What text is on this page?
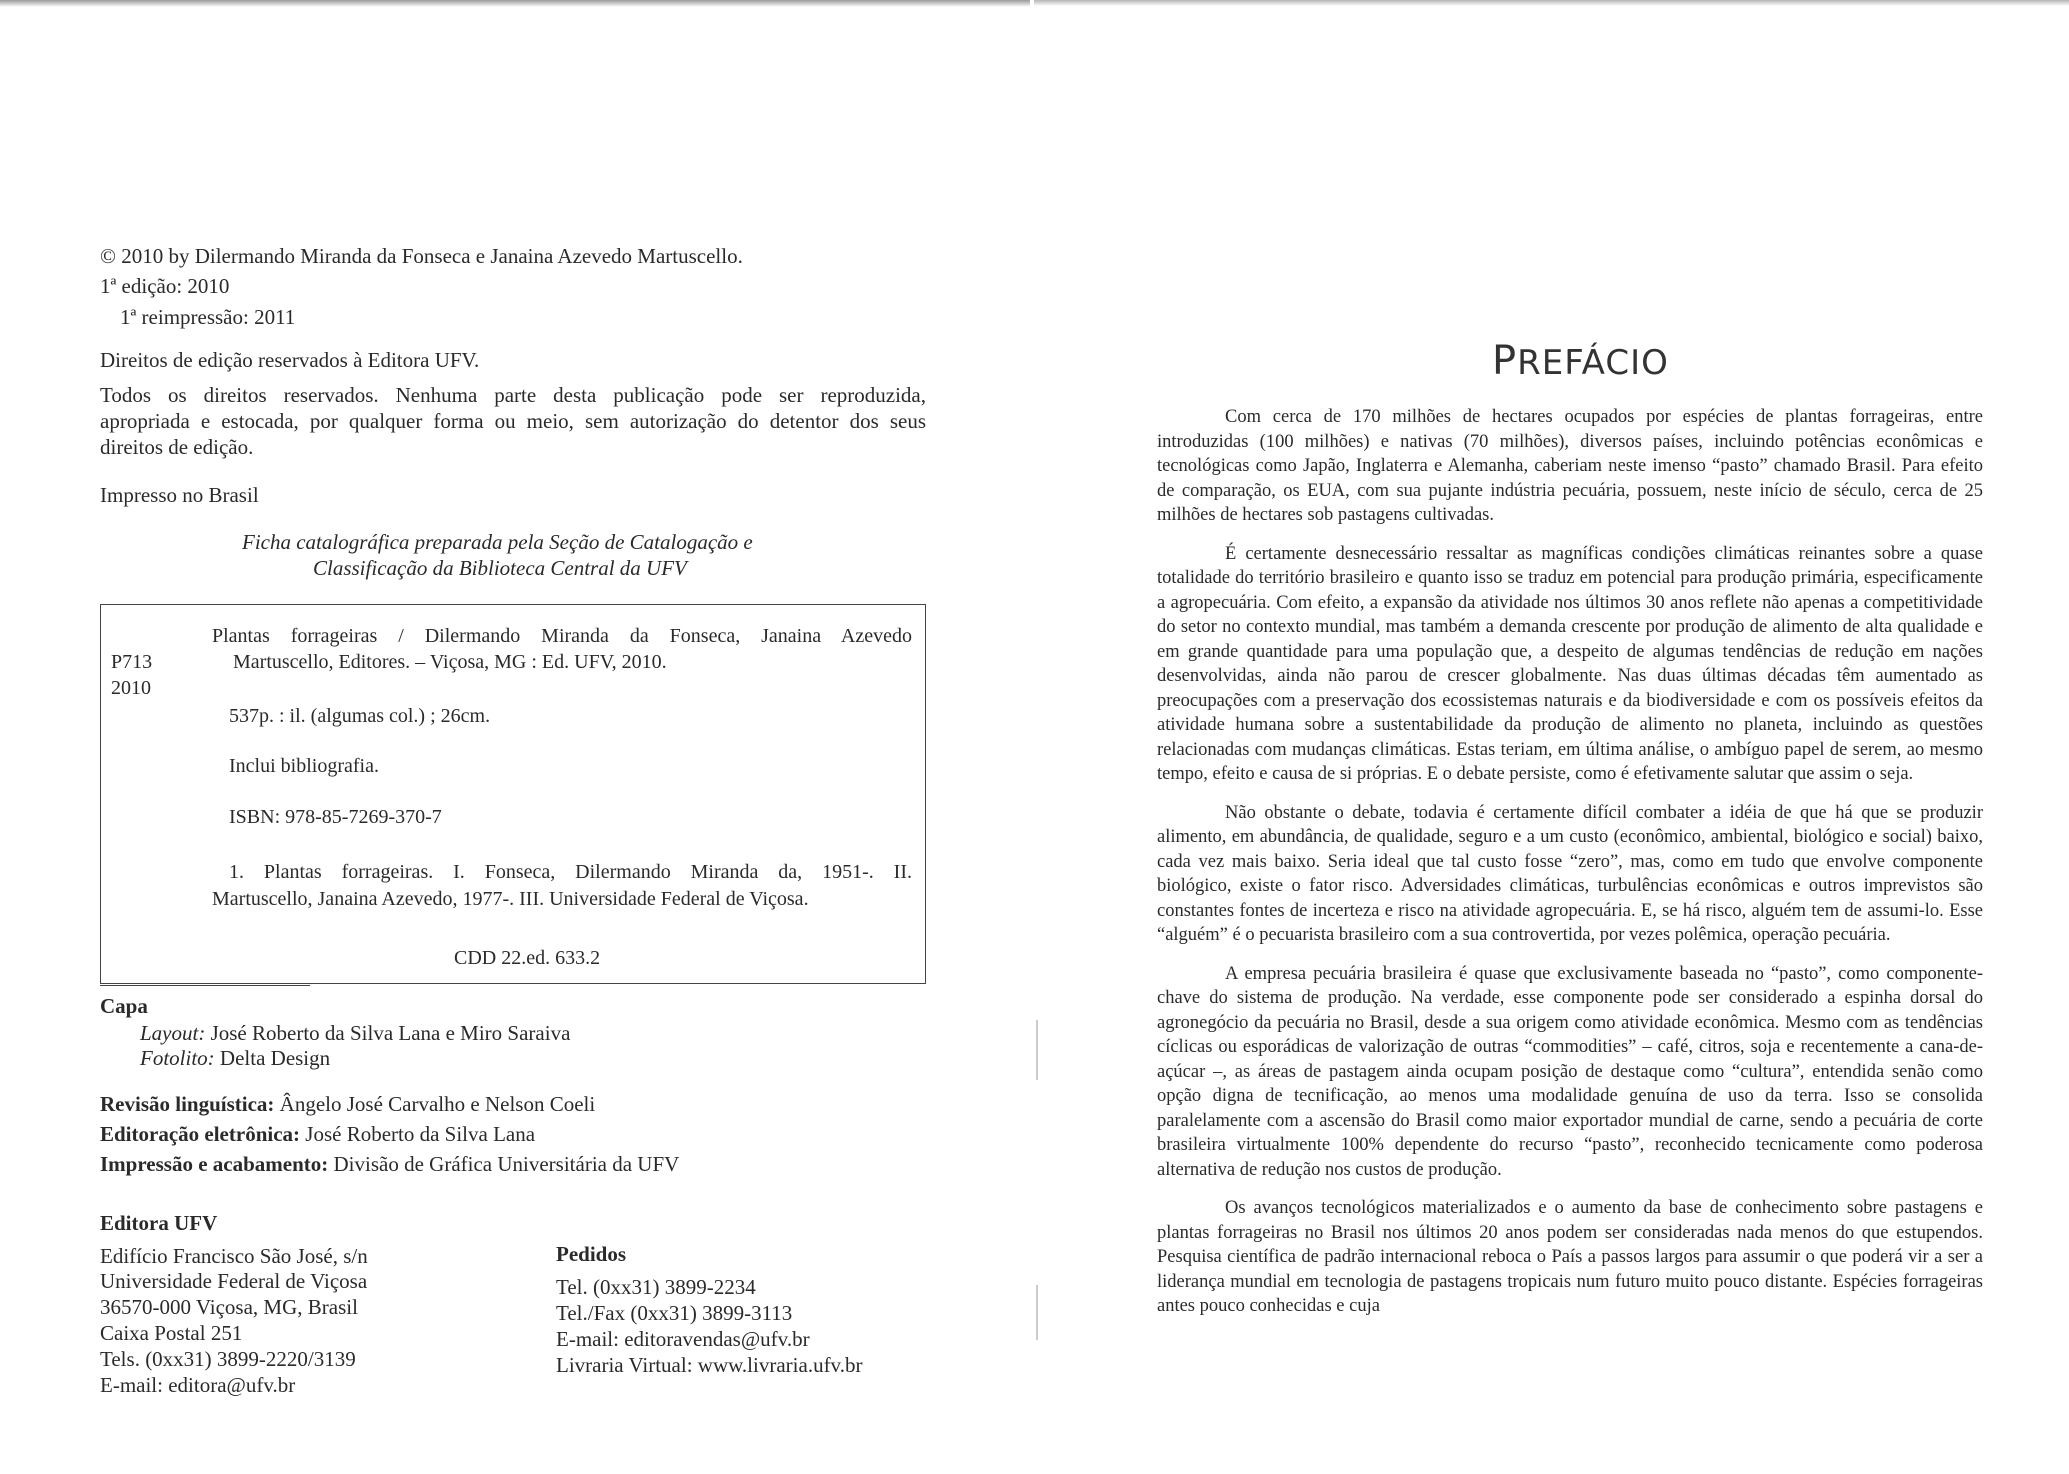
© 2010 by Dilermando Miranda da Fonseca e Janaina Azevedo Martuscello.
1ª edição: 2010
1ª reimpressão: 2011
Direitos de edição reservados à Editora UFV.
Todos os direitos reservados. Nenhuma parte desta publicação pode ser reproduzida,
apropriada e estocada, por qualquer forma ou meio, sem autorização do detentor dos seus
direitos de edição.
Impresso no Brasil
Ficha catalográfica preparada pela Seção de Catalogação e
Classificação da Biblioteca Central da UFV
Plantas forrageiras / Dilermando Miranda da Fonseca, Janaina Azevedo
P713	Martuscello, Editores. – Viçosa, MG : Ed. UFV, 2010.
2010
537p. : il. (algumas col.) ; 26cm.
Inclui bibliografia.
ISBN: 978-85-7269-370-7
1. Plantas forrageiras. I. Fonseca, Dilermando Miranda da, 1951-. II.
Martuscello, Janaina Azevedo, 1977-. III. Universidade Federal de Viçosa.
CDD 22.ed. 633.2
Capa
Layout: José Roberto da Silva Lana e Miro Saraiva
Fotolito: Delta Design
Revisão linguística: Ângelo José Carvalho e Nelson Coeli
Editoração eletrônica: José Roberto da Silva Lana
Impressão e acabamento: Divisão de Gráfica Universitária da UFV
Editora UFV
Edifício Francisco São José, s/n
Universidade Federal de Viçosa
36570-000 Viçosa, MG, Brasil
Caixa Postal 251
Tels. (0xx31) 3899-2220/3139
E-mail: editora@ufv.br
Pedidos
Tel. (0xx31) 3899-2234
Tel./Fax (0xx31) 3899-3113
E-mail: editoravendas@ufv.br
Livraria Virtual: www.livraria.ufv.br
PREFÁCIO

Com cerca de 170 milhões de hectares ocupados por espécies de plantas forrageiras, entre introduzidas (100 milhões) e nativas (70 milhões), diversos países, incluindo potências econômicas e tecnológicas como Japão, Inglaterra e Alemanha, caberiam neste imenso “pasto” chamado Brasil. Para efeito de comparação, os EUA, com sua pujante indústria pecuária, possuem, neste início de século, cerca de 25 milhões de hectares sob pastagens cultivadas.

É certamente desnecessário ressaltar as magníficas condições climáticas reinantes sobre a quase totalidade do território brasileiro e quanto isso se traduz em potencial para produção primária, especificamente a agropecuária. Com efeito, a expansão da atividade nos últimos 30 anos reflete não apenas a competitividade do setor no contexto mundial, mas também a demanda crescente por produção de alimento de alta qualidade e em grande quantidade para uma população que, a despeito de algumas tendências de redução em nações desenvolvidas, ainda não parou de crescer globalmente. Nas duas últimas décadas têm aumentado as preocupações com a preservação dos ecossistemas naturais e da biodiversidade e com os possíveis efeitos da atividade humana sobre a sustentabilidade da produção de alimento no planeta, incluindo as questões relacionadas com mudanças climáticas. Estas teriam, em última análise, o ambíguo papel de serem, ao mesmo tempo, efeito e causa de si próprias. E o debate persiste, como é efetivamente salutar que assim o seja.

Não obstante o debate, todavia é certamente difícil combater a idéia de que há que se produzir alimento, em abundância, de qualidade, seguro e a um custo (econômico, ambiental, biológico e social) baixo, cada vez mais baixo. Seria ideal que tal custo fosse “zero”, mas, como em tudo que envolve componente biológico, existe o fator risco. Adversidades climáticas, turbulências econômicas e outros imprevistos são constantes fontes de incerteza e risco na atividade agropecuária. E, se há risco, alguém tem de assumi-lo. Esse “alguém” é o pecuarista brasileiro com a sua controvertida, por vezes polêmica, operação pecuária.

A empresa pecuária brasileira é quase que exclusivamente baseada no “pasto”, como componente-chave do sistema de produção. Na verdade, esse componente pode ser considerado a espinha dorsal do agronegócio da pecuária no Brasil, desde a sua origem como atividade econômica. Mesmo com as tendências cíclicas ou esporádicas de valorização de outras “commodities” – café, citros, soja e recentemente a cana-de-açúcar –, as áreas de pastagem ainda ocupam posição de destaque como “cultura”, entendida senão como opção digna de tecnificação, ao menos uma modalidade genuína de uso da terra. Isso se consolida paralelamente com a ascensão do Brasil como maior exportador mundial de carne, sendo a pecuária de corte brasileira virtualmente 100% dependente do recurso “pasto”, reconhecido tecnicamente como poderosa alternativa de redução nos custos de produção.

Os avanços tecnológicos materializados e o aumento da base de conhecimento sobre pastagens e plantas forrageiras no Brasil nos últimos 20 anos podem ser consideradas nada menos do que estupendos. Pesquisa científica de padrão internacional reboca o País a passos largos para assumir o que poderá vir a ser a liderança mundial em tecnologia de pastagens tropicais num futuro muito pouco distante. Espécies forrageiras antes pouco conhecidas e cuja
